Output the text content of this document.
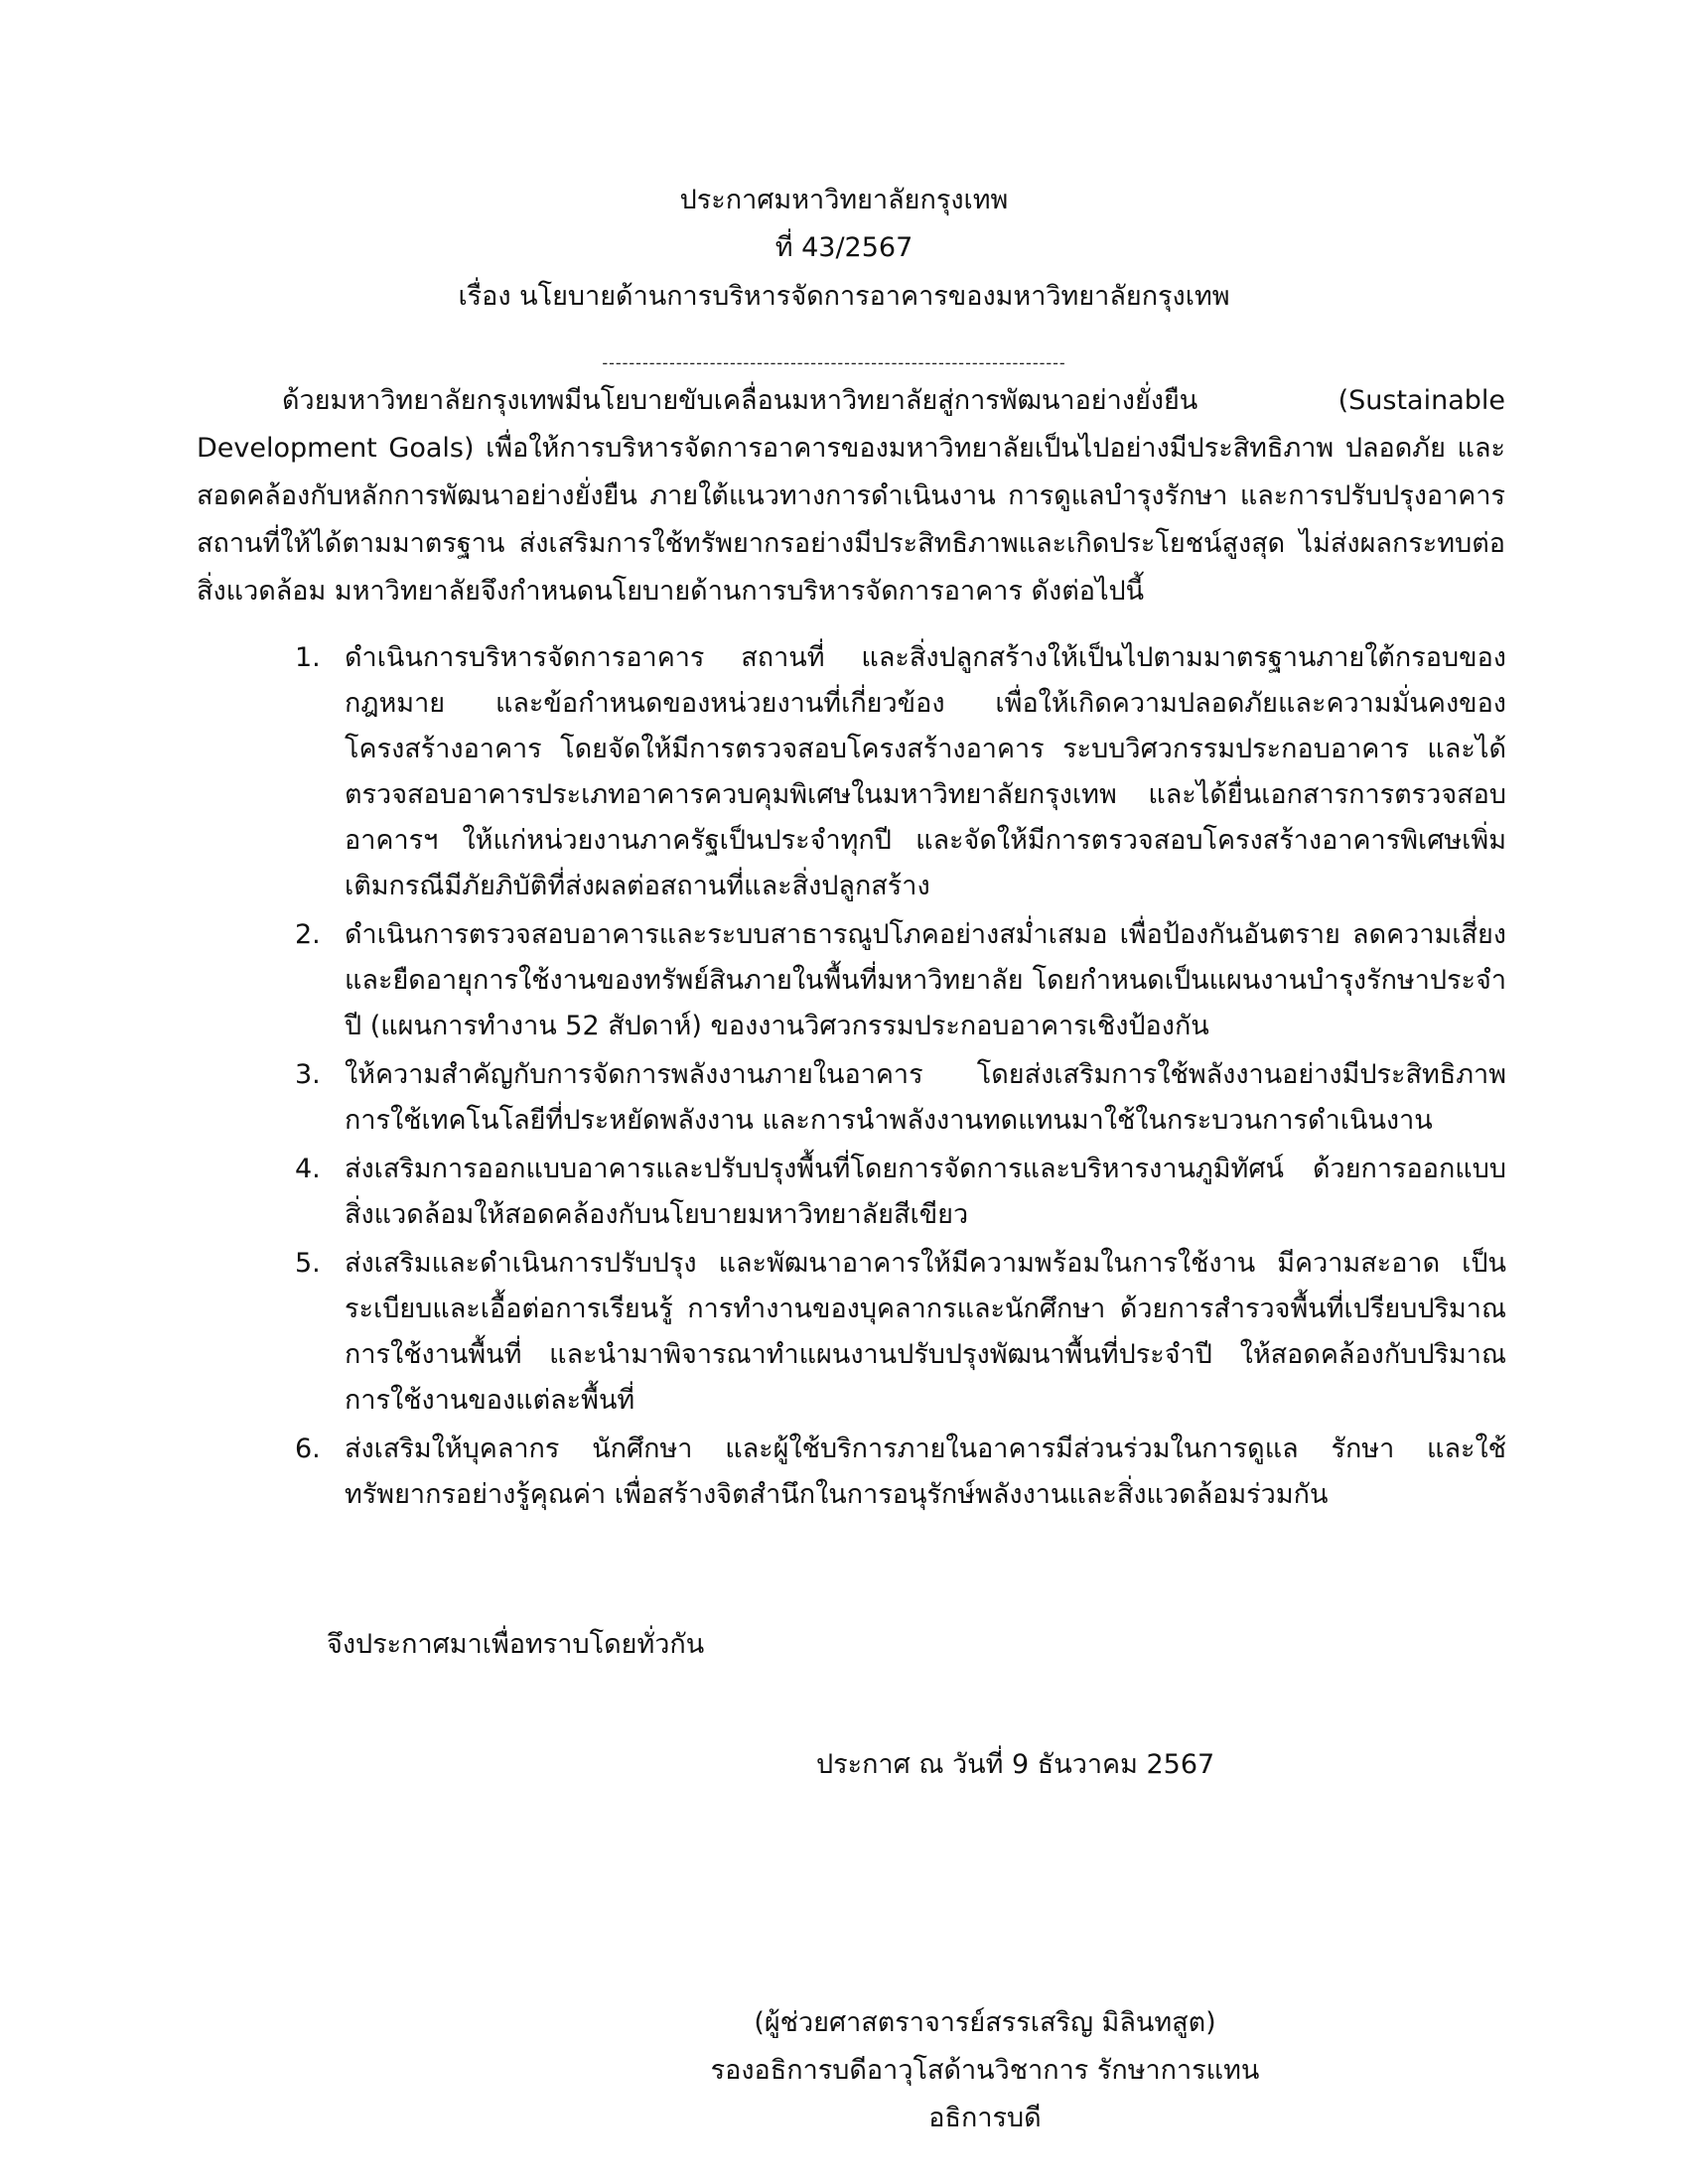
ประกาศมหาวิทยาลัยกรุงเทพ
ที่ 43/2567
เรื่อง นโยบายด้านการบริหารจัดการอาคารของมหาวิทยาลัยกรุงเทพ
---------------------------------------------------------------------

ด้วยมหาวิทยาลัยกรุงเทพมีนโยบายขับเคลื่อนมหาวิทยาลัยสู่การพัฒนาอย่างยั่งยืน (Sustainable Development Goals) เพื่อให้การบริหารจัดการอาคารของมหาวิทยาลัยเป็นไปอย่างมีประสิทธิภาพ ปลอดภัย และสอดคล้องกับหลักการพัฒนาอย่างยั่งยืน ภายใต้แนวทางการดำเนินงาน การดูแลบำรุงรักษา และการปรับปรุงอาคารสถานที่ให้ได้ตามมาตรฐาน ส่งเสริมการใช้ทรัพยากรอย่างมีประสิทธิภาพและเกิดประโยชน์สูงสุด ไม่ส่งผลกระทบต่อสิ่งแวดล้อม มหาวิทยาลัยจึงกำหนดนโยบายด้านการบริหารจัดการอาคาร ดังต่อไปนี้

1. ดำเนินการบริหารจัดการอาคาร สถานที่ และสิ่งปลูกสร้างให้เป็นไปตามมาตรฐานภายใต้กรอบของกฎหมาย และข้อกำหนดของหน่วยงานที่เกี่ยวข้อง เพื่อให้เกิดความปลอดภัยและความมั่นคงของโครงสร้างอาคาร โดยจัดให้มีการตรวจสอบโครงสร้างอาคาร ระบบวิศวกรรมประกอบอาคาร และได้ตรวจสอบอาคารประเภทอาคารควบคุมพิเศษในมหาวิทยาลัยกรุงเทพ และได้ยื่นเอกสารการตรวจสอบอาคารฯ ให้แก่หน่วยงานภาครัฐเป็นประจำทุกปี และจัดให้มีการตรวจสอบโครงสร้างอาคารพิเศษเพิ่มเติมกรณีมีภัยภิบัติที่ส่งผลต่อสถานที่และสิ่งปลูกสร้าง
2. ดำเนินการตรวจสอบอาคารและระบบสาธารณูปโภคอย่างสม่ำเสมอ เพื่อป้องกันอันตราย ลดความเสี่ยงและยืดอายุการใช้งานของทรัพย์สินภายในพื้นที่มหาวิทยาลัย โดยกำหนดเป็นแผนงานบำรุงรักษาประจำปี (แผนการทำงาน 52 สัปดาห์) ของงานวิศวกรรมประกอบอาคารเชิงป้องกัน
3. ให้ความสำคัญกับการจัดการพลังงานภายในอาคาร โดยส่งเสริมการใช้พลังงานอย่างมีประสิทธิภาพการใช้เทคโนโลยีที่ประหยัดพลังงาน และการนำพลังงานทดแทนมาใช้ในกระบวนการดำเนินงาน
4. ส่งเสริมการออกแบบอาคารและปรับปรุงพื้นที่โดยการจัดการและบริหารงานภูมิทัศน์ ด้วยการออกแบบสิ่งแวดล้อมให้สอดคล้องกับนโยบายมหาวิทยาลัยสีเขียว
5. ส่งเสริมและดำเนินการปรับปรุง และพัฒนาอาคารให้มีความพร้อมในการใช้งาน มีความสะอาด เป็นระเบียบและเอื้อต่อการเรียนรู้ การทำงานของบุคลากรและนักศึกษา ด้วยการสำรวจพื้นที่เปรียบปริมาณการใช้งานพื้นที่ และนำมาพิจารณาทำแผนงานปรับปรุงพัฒนาพื้นที่ประจำปี ให้สอดคล้องกับปริมาณการใช้งานของแต่ละพื้นที่
6. ส่งเสริมให้บุคลากร นักศึกษา และผู้ใช้บริการภายในอาคารมีส่วนร่วมในการดูแล รักษา และใช้ทรัพยากรอย่างรู้คุณค่า เพื่อสร้างจิตสำนึกในการอนุรักษ์พลังงานและสิ่งแวดล้อมร่วมกัน
จึงประกาศมาเพื่อทราบโดยทั่วกัน
ประกาศ ณ วันที่ 9 ธันวาคม 2567
(ผู้ช่วยศาสตราจารย์สรรเสริญ มิลินทสูต)
รองอธิการบดีอาวุโสด้านวิชาการ รักษาการแทน
อธิการบดี
